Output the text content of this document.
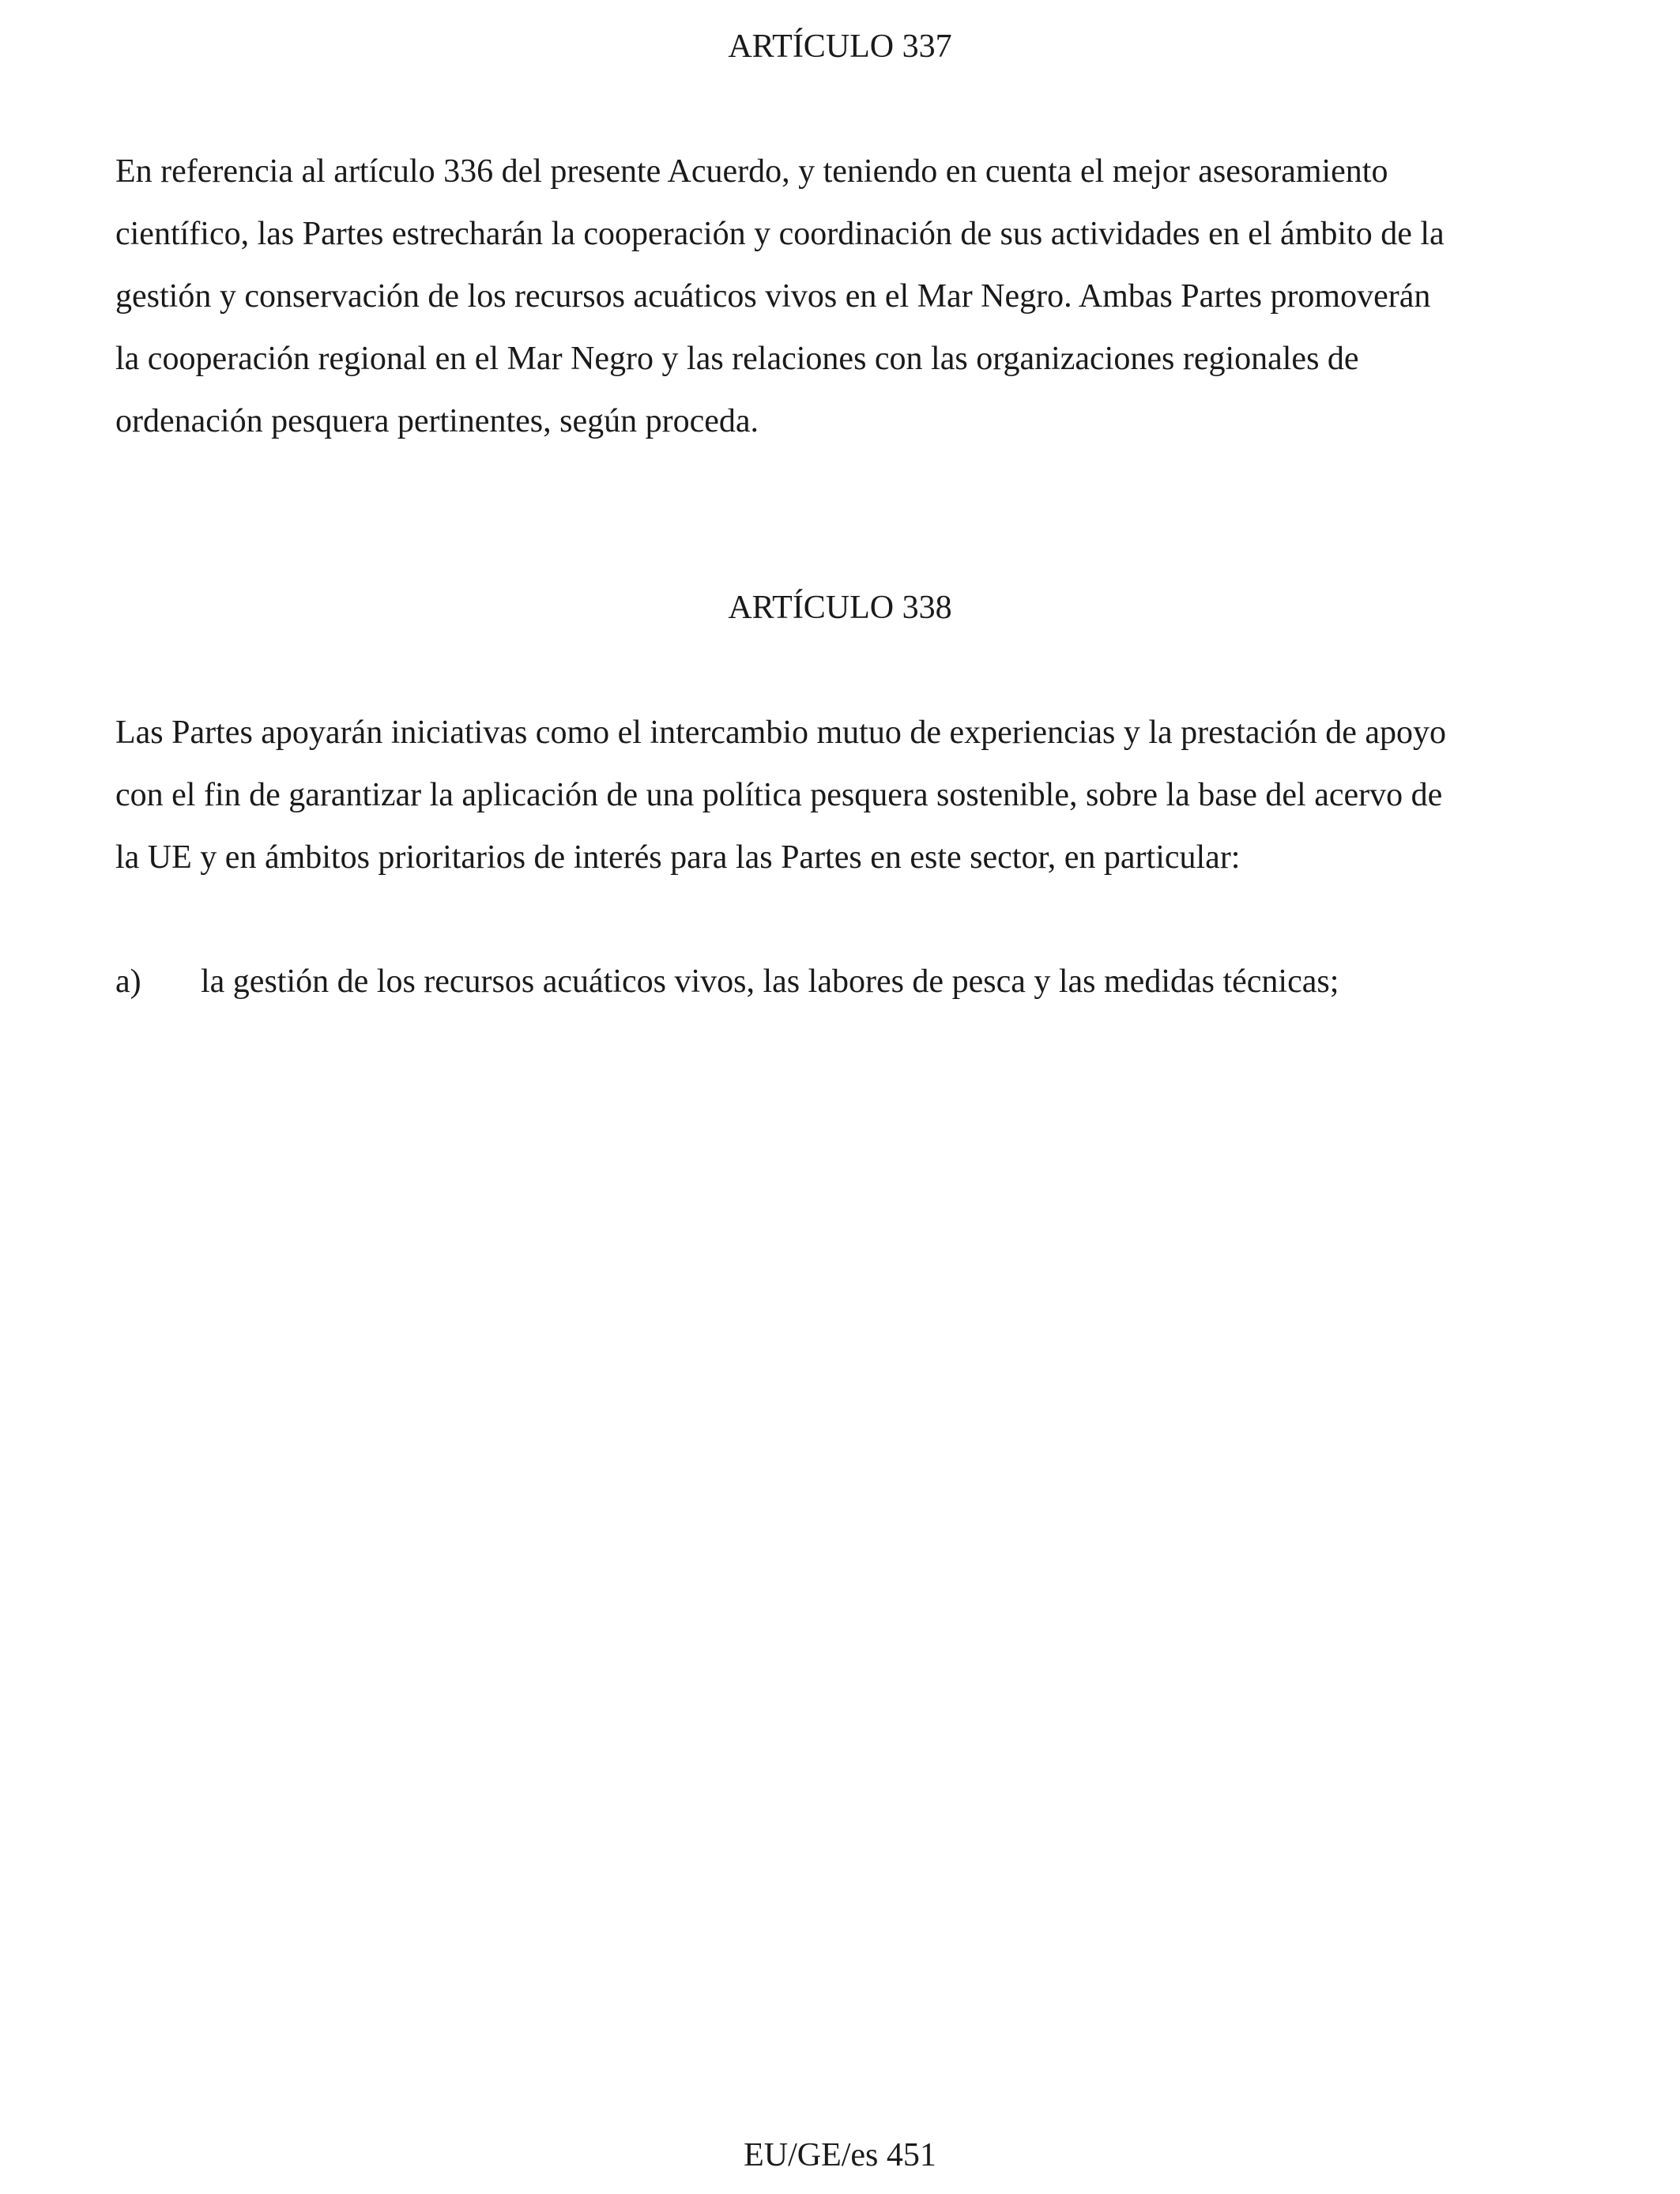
ARTÍCULO 337

En referencia al artículo 336 del presente Acuerdo, y teniendo en cuenta el mejor asesoramiento
científico, las Partes estrecharán la cooperación y coordinación de sus actividades en el ámbito de la
gestión y conservación de los recursos acuáticos vivos en el Mar Negro. Ambas Partes promoverán
la cooperación regional en el Mar Negro y las relaciones con las organizaciones regionales de
ordenación pesquera pertinentes, según proceda.

ARTÍCULO 338

Las Partes apoyarán iniciativas como el intercambio mutuo de experiencias y la prestación de apoyo
con el fin de garantizar la aplicación de una política pesquera sostenible, sobre la base del acervo de
la UE y en ámbitos prioritarios de interés para las Partes en este sector, en particular:

a) la gestión de los recursos acuáticos vivos, las labores de pesca y las medidas técnicas;

EU/GE/es 451
